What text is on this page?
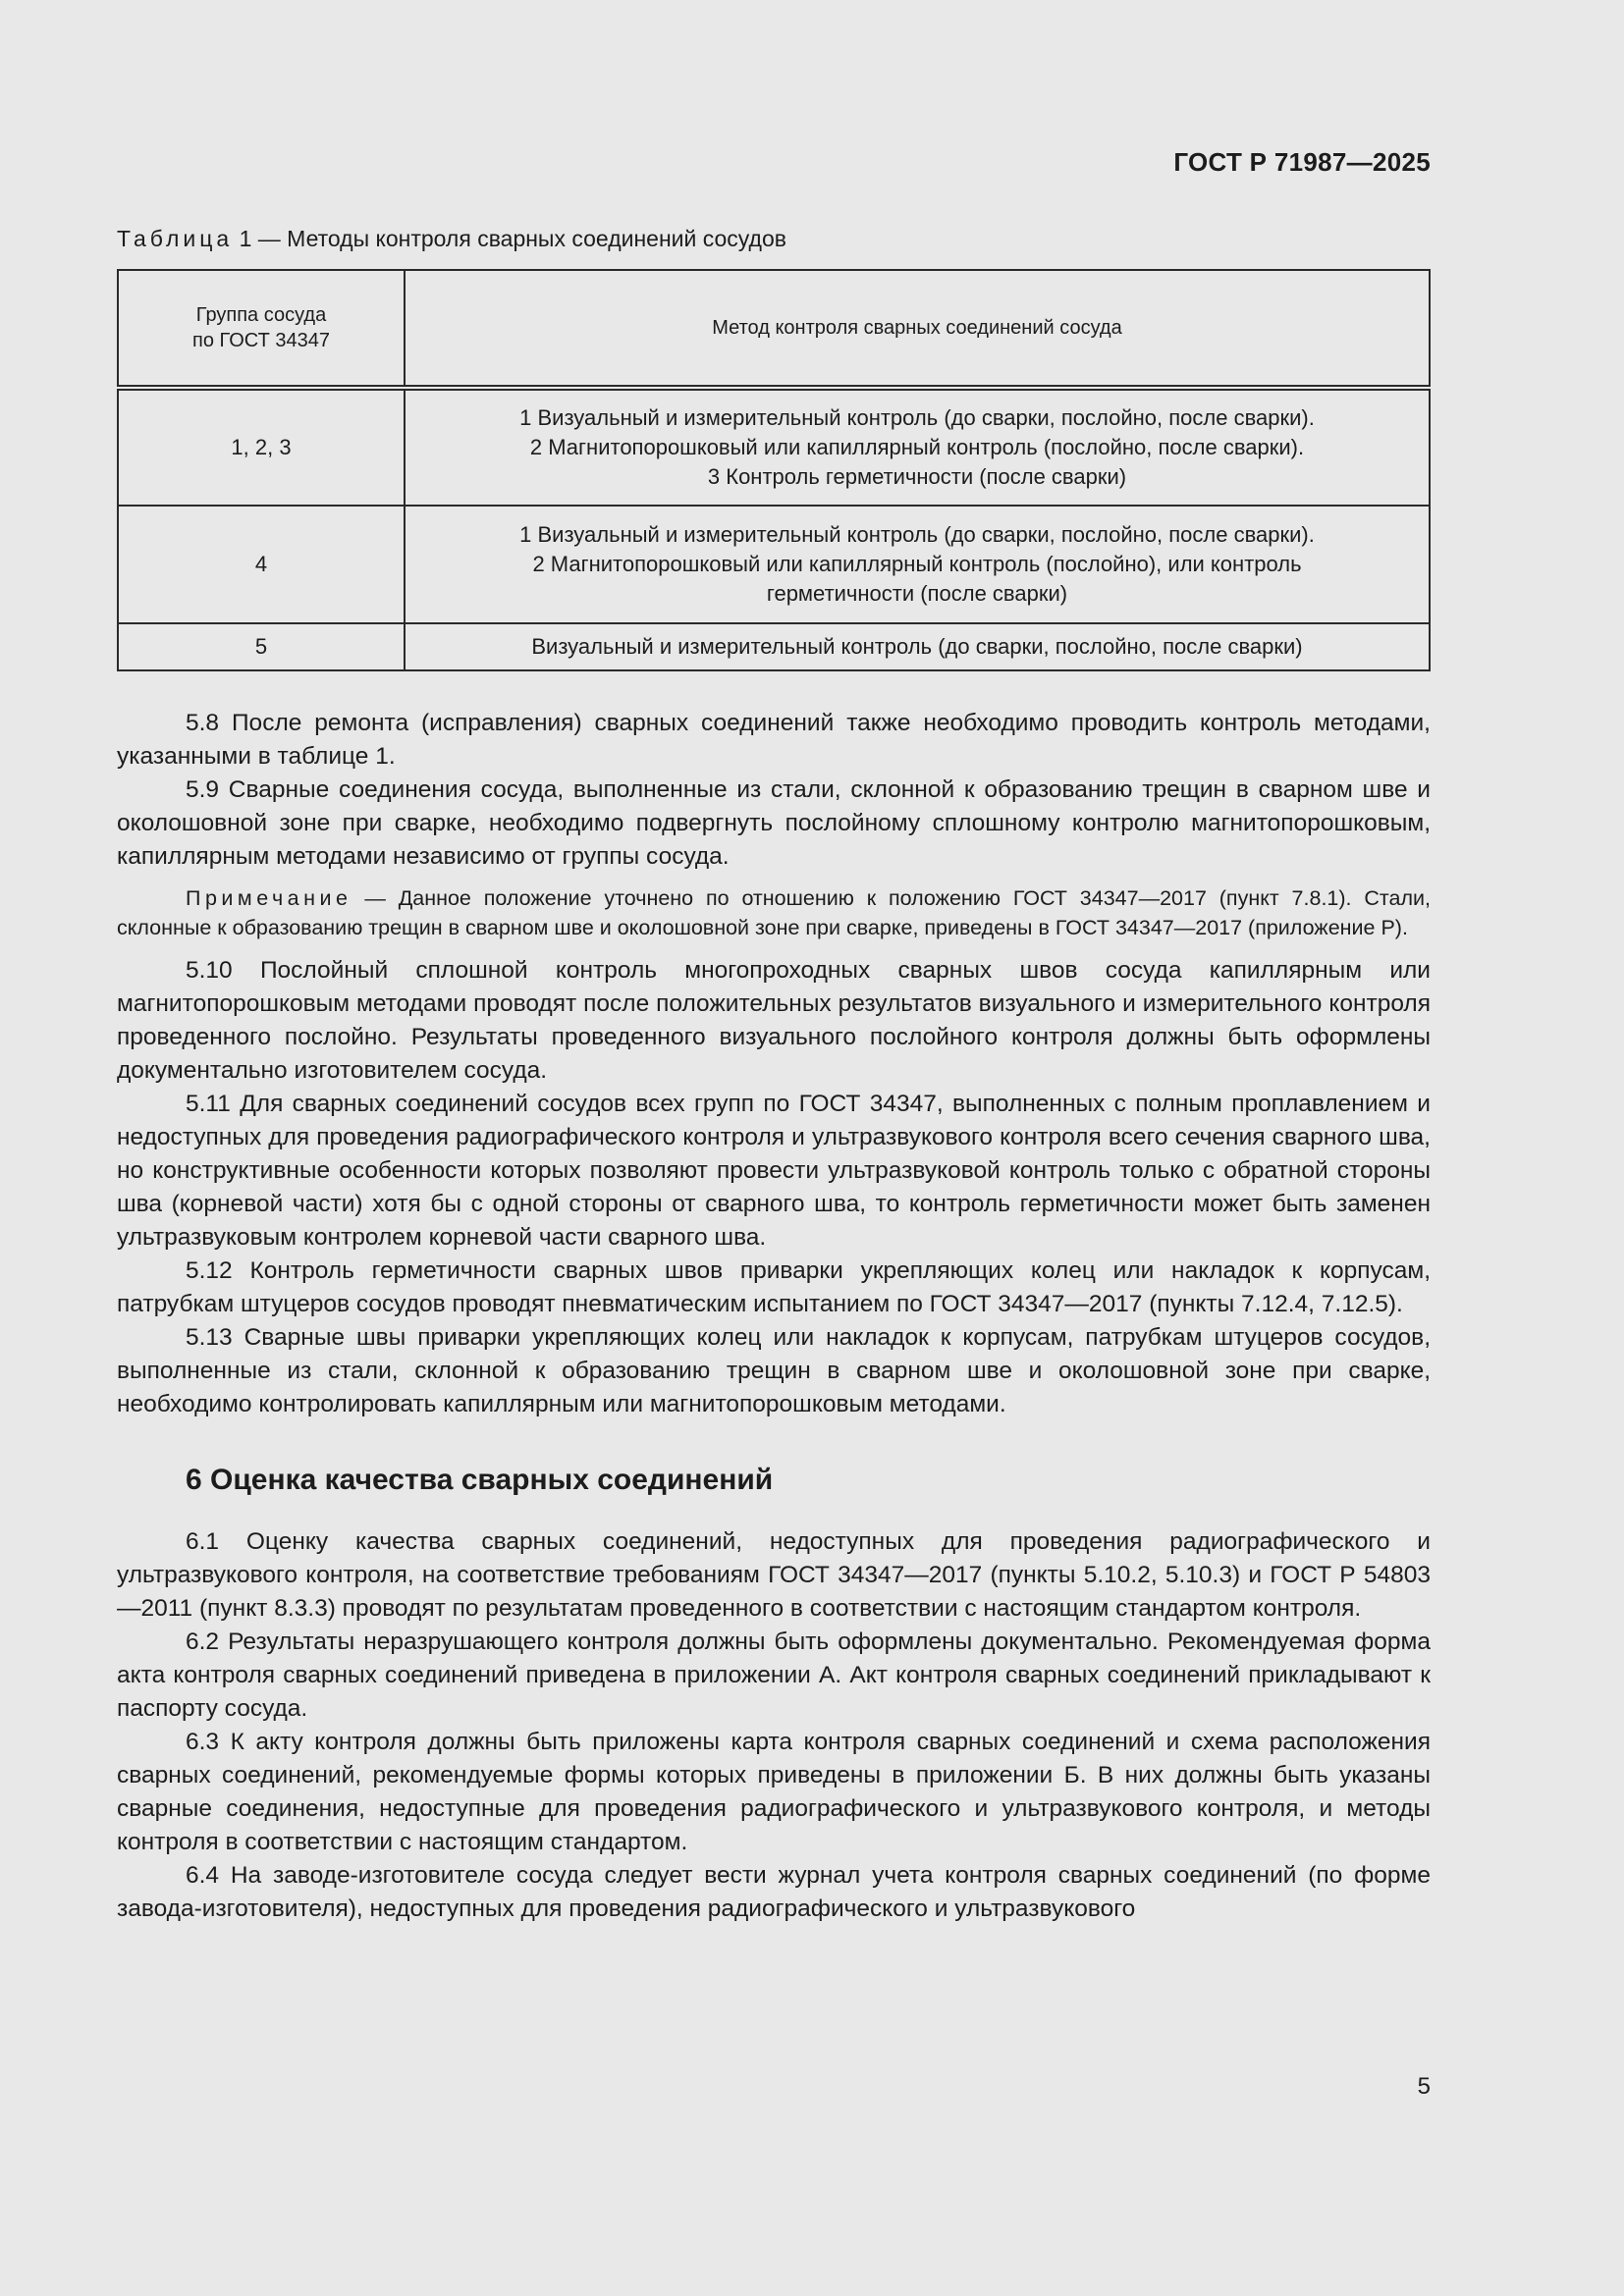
ГОСТ Р 71987—2025
Таблица 1 — Методы контроля сварных соединений сосудов
Группа сосуда
по ГОСТ 34347	Метод контроля сварных соединений сосуда
1, 2, 3	1 Визуальный и измерительный контроль (до сварки, послойно, после сварки).
2 Магнитопорошковый или капиллярный контроль (послойно, после сварки).
3 Контроль герметичности (после сварки)
4	1 Визуальный и измерительный контроль (до сварки, послойно, после сварки).
2 Магнитопорошковый или капиллярный контроль (послойно), или контроль
герметичности (после сварки)
5	Визуальный и измерительный контроль (до сварки, послойно, после сварки)

5.8 После ремонта (исправления) сварных соединений также необходимо проводить контроль методами, указанными в таблице 1.

5.9 Сварные соединения сосуда, выполненные из стали, склонной к образованию трещин в сварном шве и околошовной зоне при сварке, необходимо подвергнуть послойному сплошному контролю магнитопорошковым, капиллярным методами независимо от группы сосуда.

Примечание — Данное положение уточнено по отношению к положению ГОСТ 34347—2017 (пункт 7.8.1). Стали, склонные к образованию трещин в сварном шве и околошовной зоне при сварке, приведены в ГОСТ 34347—2017 (приложение Р).

5.10 Послойный сплошной контроль многопроходных сварных швов сосуда капиллярным или магнитопорошковым методами проводят после положительных результатов визуального и измерительного контроля проведенного послойно. Результаты проведенного визуального послойного контроля должны быть оформлены документально изготовителем сосуда.

5.11 Для сварных соединений сосудов всех групп по ГОСТ 34347, выполненных с полным проплавлением и недоступных для проведения радиографического контроля и ультразвукового контроля всего сечения сварного шва, но конструктивные особенности которых позволяют провести ультразвуковой контроль только с обратной стороны шва (корневой части) хотя бы с одной стороны от сварного шва, то контроль герметичности может быть заменен ультразвуковым контролем корневой части сварного шва.

5.12 Контроль герметичности сварных швов приварки укрепляющих колец или накладок к корпусам, патрубкам штуцеров сосудов проводят пневматическим испытанием по ГОСТ 34347—2017 (пункты 7.12.4, 7.12.5).

5.13 Сварные швы приварки укрепляющих колец или накладок к корпусам, патрубкам штуцеров сосудов, выполненные из стали, склонной к образованию трещин в сварном шве и околошовной зоне при сварке, необходимо контролировать капиллярным или магнитопорошковым методами.

6 Оценка качества сварных соединений

6.1 Оценку качества сварных соединений, недоступных для проведения радиографического и ультразвукового контроля, на соответствие требованиям ГОСТ 34347—2017 (пункты 5.10.2, 5.10.3) и ГОСТ Р 54803—2011 (пункт 8.3.3) проводят по результатам проведенного в соответствии с настоящим стандартом контроля.

6.2 Результаты неразрушающего контроля должны быть оформлены документально. Рекомендуемая форма акта контроля сварных соединений приведена в приложении А. Акт контроля сварных соединений прикладывают к паспорту сосуда.

6.3 К акту контроля должны быть приложены карта контроля сварных соединений и схема расположения сварных соединений, рекомендуемые формы которых приведены в приложении Б. В них должны быть указаны сварные соединения, недоступные для проведения радиографического и ультразвукового контроля, и методы контроля в соответствии с настоящим стандартом.

6.4 На заводе-изготовителе сосуда следует вести журнал учета контроля сварных соединений (по форме завода-изготовителя), недоступных для проведения радиографического и ультразвукового

5
